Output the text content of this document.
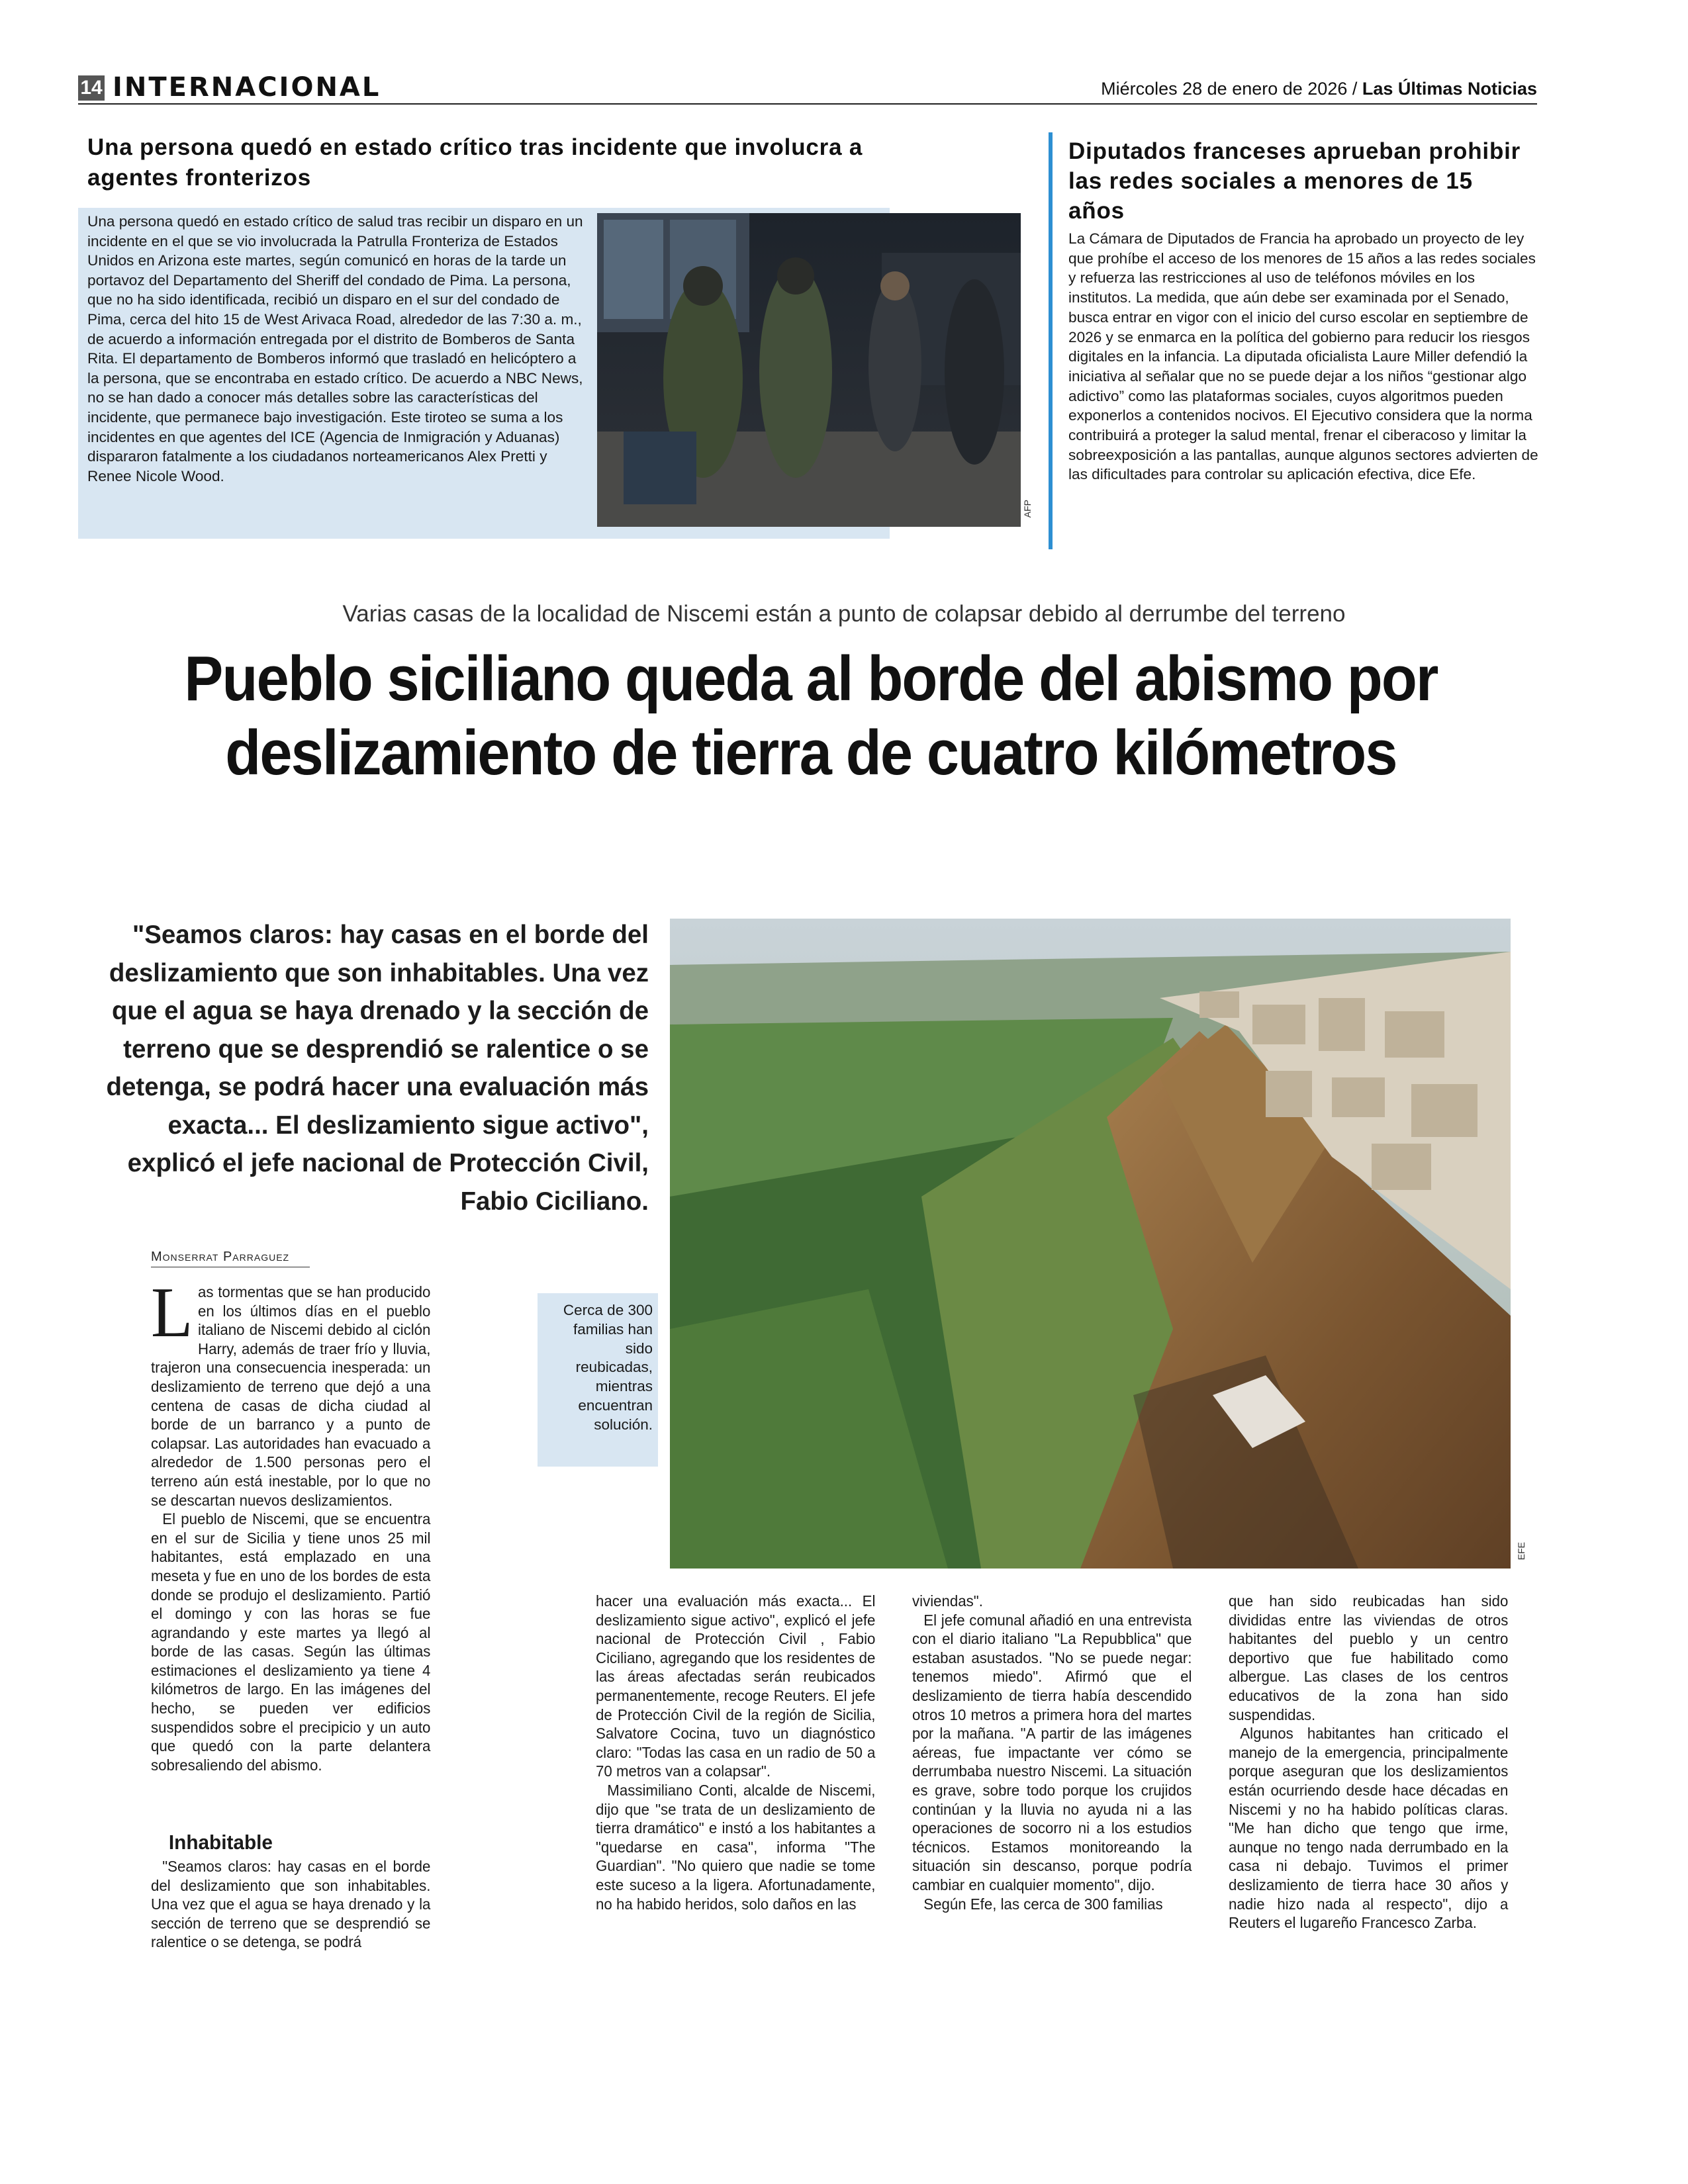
14 INTERNACIONAL	Miércoles 28 de enero de 2026 / Las Últimas Noticias
Una persona quedó en estado crítico tras incidente que involucra a agentes fronterizos
Una persona quedó en estado crítico de salud tras recibir un disparo en un incidente en el que se vio involucrada la Patrulla Fronteriza de Estados Unidos en Arizona este martes, según comunicó en horas de la tarde un portavoz del Departamento del Sheriff del condado de Pima. La persona, que no ha sido identificada, recibió un disparo en el sur del condado de Pima, cerca del hito 15 de West Arivaca Road, alrededor de las 7:30 a. m., de acuerdo a información entregada por el distrito de Bomberos de Santa Rita. El departamento de Bomberos informó que trasladó en helicóptero a la persona, que se encontraba en estado crítico. De acuerdo a NBC News, no se han dado a conocer más detalles sobre las características del incidente, que permanece bajo investigación. Este tiroteo se suma a los incidentes en que agentes del ICE (Agencia de Inmigración y Aduanas) dispararon fatalmente a los ciudadanos norteamericanos Alex Pretti y Renee Nicole Wood.
AFP
Diputados franceses aprueban prohibir las redes sociales a menores de 15 años
La Cámara de Diputados de Francia ha aprobado un proyecto de ley que prohíbe el acceso de los menores de 15 años a las redes sociales y refuerza las restricciones al uso de teléfonos móviles en los institutos. La medida, que aún debe ser examinada por el Senado, busca entrar en vigor con el inicio del curso escolar en septiembre de 2026 y se enmarca en la política del gobierno para reducir los riesgos digitales en la infancia. La diputada oficialista Laure Miller defendió la iniciativa al señalar que no se puede dejar a los niños “gestionar algo adictivo” como las plataformas sociales, cuyos algoritmos pueden exponerlos a contenidos nocivos. El Ejecutivo considera que la norma contribuirá a proteger la salud mental, frenar el ciberacoso y limitar la sobreexposición a las pantallas, aunque algunos sectores advierten de las dificultades para controlar su aplicación efectiva, dice Efe.
Varias casas de la localidad de Niscemi están a punto de colapsar debido al derrumbe del terreno
Pueblo siciliano queda al borde del abismo por deslizamiento de tierra de cuatro kilómetros
"Seamos claros: hay casas en el borde del deslizamiento que son inhabitables. Una vez que el agua se haya drenado y la sección de terreno que se desprendió se ralentice o se detenga, se podrá hacer una evaluación más exacta... El deslizamiento sigue activo", explicó el jefe nacional de Protección Civil, Fabio Ciciliano.
EFE
Cerca de 300 familias han sido reubicadas, mientras encuentran solución.
Monserrat Parraguez

Las tormentas que se han producido en los últimos días en el pueblo italiano de Niscemi debido al ciclón Harry, además de traer frío y lluvia, trajeron una consecuencia inesperada: un deslizamiento de terreno que dejó a una centena de casas de dicha ciudad al borde de un barranco y a punto de colapsar. Las autoridades han evacuado a alrededor de 1.500 personas pero el terreno aún está inestable, por lo que no se descartan nuevos deslizamientos.

El pueblo de Niscemi, que se encuentra en el sur de Sicilia y tiene unos 25 mil habitantes, está emplazado en una meseta y fue en uno de los bordes de esta donde se produjo el deslizamiento. Partió el domingo y con las horas se fue agrandando y este martes ya llegó al borde de las casas. Según las últimas estimaciones el deslizamiento ya tiene 4 kilómetros de largo. En las imágenes del hecho, se pueden ver edificios suspendidos sobre el precipicio y un auto que quedó con la parte delantera sobresaliendo del abismo.

Inhabitable

"Seamos claros: hay casas en el borde del deslizamiento que son inhabitables. Una vez que el agua se haya drenado y la sección de terreno que se desprendió se ralentice o se detenga, se podrá

hacer una evaluación más exacta... El deslizamiento sigue activo", explicó el jefe nacional de Protección Civil , Fabio Ciciliano, agregando que los residentes de las áreas afectadas serán reubicados permanentemente, recoge Reuters. El jefe de Protección Civil de la región de Sicilia, Salvatore Cocina, tuvo un diagnóstico claro: "Todas las casa en un radio de 50 a 70 metros van a colapsar".

Massimiliano Conti, alcalde de Niscemi, dijo que "se trata de un deslizamiento de tierra dramático" e instó a los habitantes a "quedarse en casa", informa "The Guardian". "No quiero que nadie se tome este suceso a la ligera. Afortunadamente, no ha habido heridos, solo daños en las

viviendas".

El jefe comunal añadió en una entrevista con el diario italiano "La Repubblica" que estaban asustados. "No se puede negar: tenemos miedo". Afirmó que el deslizamiento de tierra había descendido otros 10 metros a primera hora del martes por la mañana. "A partir de las imágenes aéreas, fue impactante ver cómo se derrumbaba nuestro Niscemi. La situación es grave, sobre todo porque los crujidos continúan y la lluvia no ayuda ni a las operaciones de socorro ni a los estudios técnicos. Estamos monitoreando la situación sin descanso, porque podría cambiar en cualquier momento", dijo.

Según Efe, las cerca de 300 familias

que han sido reubicadas han sido divididas entre las viviendas de otros habitantes del pueblo y un centro deportivo que fue habilitado como albergue. Las clases de los centros educativos de la zona han sido suspendidas.

Algunos habitantes han criticado el manejo de la emergencia, principalmente porque aseguran que los deslizamientos están ocurriendo desde hace décadas en Niscemi y no ha habido políticas claras. "Me han dicho que tengo que irme, aunque no tengo nada derrumbado en la casa ni debajo. Tuvimos el primer deslizamiento de tierra hace 30 años y nadie hizo nada al respecto", dijo a Reuters el lugareño Francesco Zarba.
